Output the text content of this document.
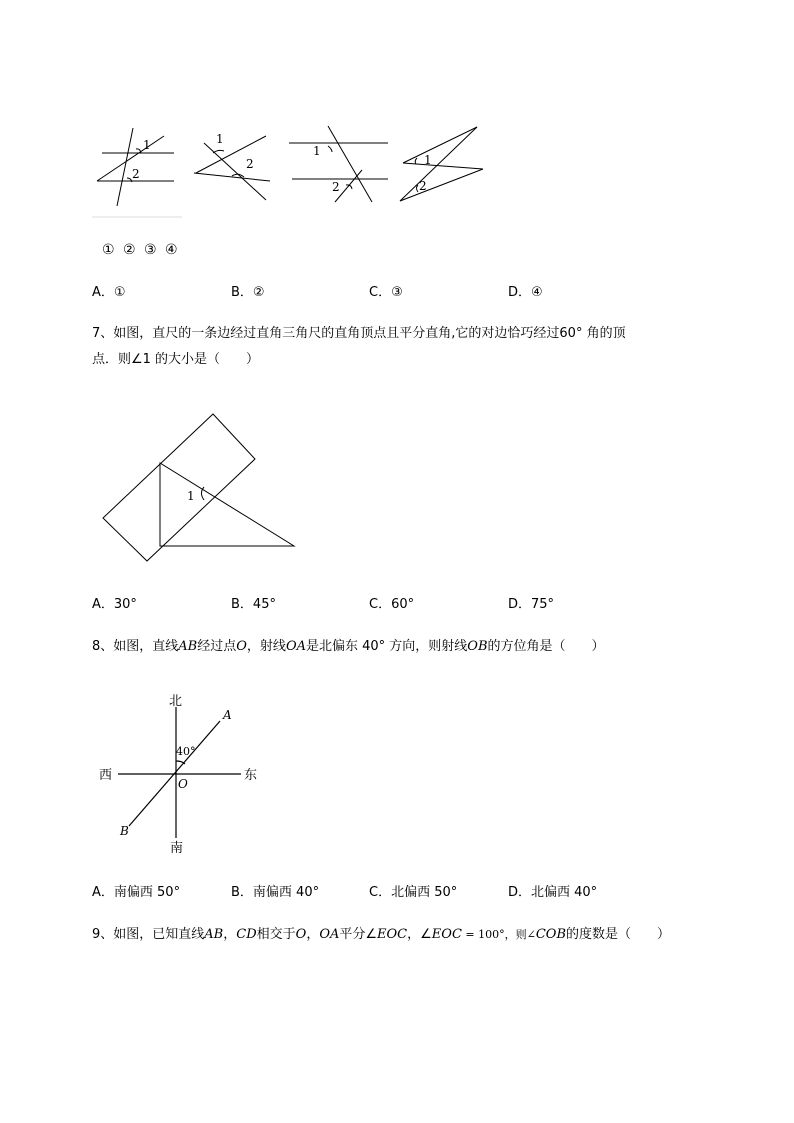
1
2
1
2
1
2
1
2
① ② ③ ④
A．①	B．②	C．③	D．④
7、如图，直尺的一条边经过直角三角尺的直角顶点且平分直角,它的对边恰巧经过60° 角的顶
点．则∠1 的大小是（　　）
1
A．30°	B．45°	C．60°	D．75°
8、如图，直线AB经过点O，射线OA是北偏东 40° 方向，则射线OB的方位角是（　　）
北
南
西	东
40°
A
B
O
A．南偏西 50°	B．南偏西 40°	C．北偏西 50°	D．北偏西 40°
9、如图，已知直线AB，CD相交于O，OA平分∠EOC，∠EOC = 100°，则∠COB的度数是（　　）
